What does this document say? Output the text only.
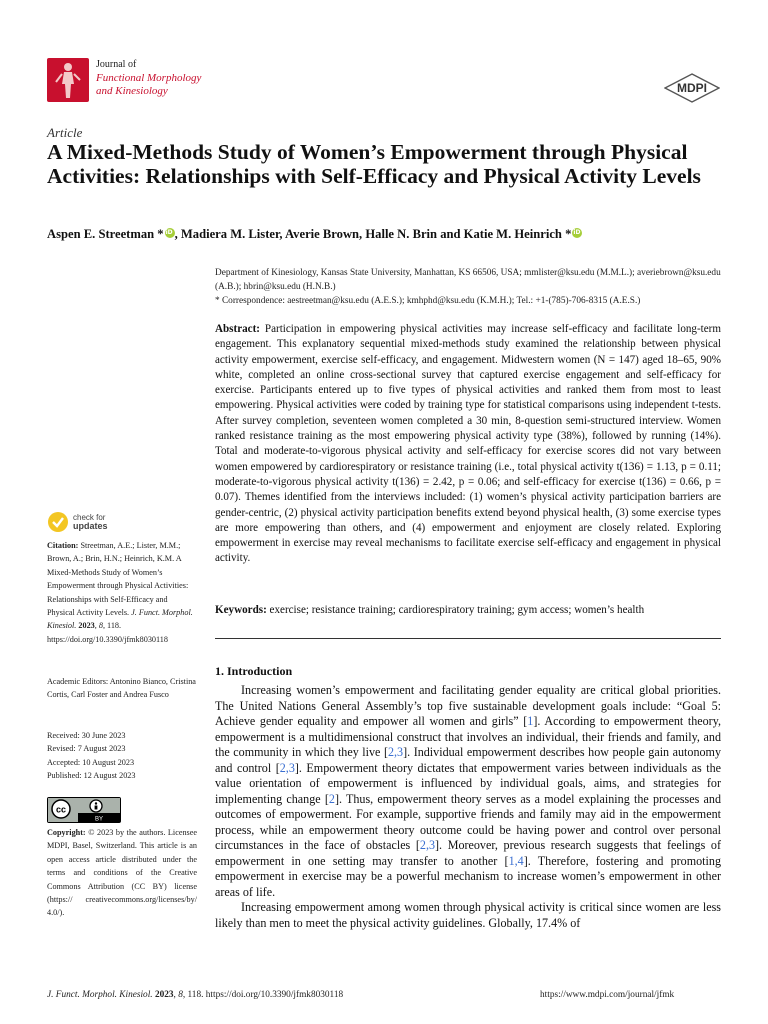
Journal of
Functional Morphology
and Kinesiology	MDPI
Article
A Mixed-Methods Study of Women’s Empowerment through Physical Activities: Relationships with Self-Efficacy and Physical Activity Levels
Aspen E. Streetman *iD , Madiera M. Lister, Averie Brown, Halle N. Brin and Katie M. Heinrich *iD

Department of Kinesiology, Kansas State University, Manhattan, KS 66506, USA; mmlister@ksu.edu (M.M.L.); averiebrown@ksu.edu (A.B.); hbrin@ksu.edu (H.N.B.)

* Correspondence: aestreetman@ksu.edu (A.E.S.); kmhphd@ksu.edu (K.M.H.); Tel.: +1-(785)-706-8315 (A.E.S.)

Abstract: Participation in empowering physical activities may increase self-efficacy and facilitate long-term engagement. This explanatory sequential mixed-methods study examined the relationship between physical activity empowerment, exercise self-efficacy, and engagement. Midwestern women (N = 147) aged 18–65, 90% white, completed an online cross-sectional survey that captured exercise engagement and self-efficacy for exercise. Participants entered up to five types of physical activities and ranked them from most to least empowering. Physical activities were coded by training type for statistical comparisons using independent t-tests. After survey completion, seventeen women completed a 30 min, 8-question semi-structured interview. Women ranked resistance training as the most empowering physical activity type (38%), followed by running (14%). Total and moderate-to-vigorous physical activity and self-efficacy for exercise scores did not vary between women empowered by cardiorespiratory or resistance training (i.e., total physical activity t(136) = 1.13, p = 0.11; moderate-to-vigorous physical activity t(136) = 2.42, p = 0.06; and self-efficacy for exercise t(136) = 0.66, p = 0.07). Themes identified from the interviews included: (1) women’s physical activity participation barriers are gender-centric, (2) physical activity participation benefits extend beyond physical health, (3) some exercise types are more empowering than others, and (4) empowerment and enjoyment are closely related. Exploring empowerment in exercise may reveal mechanisms to facilitate exercise self-efficacy and engagement in physical activity.
Keywords: exercise; resistance training; cardiorespiratory training; gym access; women’s health
1. Introduction

Increasing women’s empowerment and facilitating gender equality are critical global priorities. The United Nations General Assembly’s top five sustainable development goals include: “Goal 5: Achieve gender equality and empower all women and girls” [1]. According to empowerment theory, empowerment is a multidimensional construct that involves an individual, their friends and family, and the community in which they live [2,3]. Individual empowerment describes how people gain autonomy and control [2,3]. Empowerment theory dictates that empowerment varies between individuals as the value orientation of empowerment is influenced by individual goals, aims, and strategies for implementing change [2]. Thus, empowerment theory serves as a model explaining the processes and outcomes of empowerment. For example, supportive friends and family may aid in the empowerment process, while an empowerment theory outcome could be having power and control over personal circumstances in the face of obstacles [2,3]. Moreover, previous research suggests that feelings of empowerment in one setting may transfer to another [1,4]. Therefore, fostering and promoting empowerment in exercise may be a powerful mechanism to increase women’s empowerment in other areas of life.

Increasing empowerment among women through physical activity is critical since women are less likely than men to meet the physical activity guidelines. Globally, 17.4% of

check for
updates
Citation: Streetman, A.E.; Lister, M.M.; Brown, A.; Brin, H.N.; Heinrich, K.M. A Mixed-Methods Study of Women’s Empowerment through Physical Activities: Relationships with Self-Efficacy and Physical Activity Levels. J. Funct. Morphol. Kinesiol. 2023, 8, 118. https://doi.org/10.3390/jfmk8030118
Academic Editors: Antonino Bianco, Cristina Cortis, Carl Foster and Andrea Fusco
Received: 30 June 2023
Revised: 7 August 2023
Accepted: 10 August 2023
Published: 12 August 2023
cc
BY
Copyright: © 2023 by the authors. Licensee MDPI, Basel, Switzerland. This article is an open access article distributed under the terms and conditions of the Creative Commons Attribution (CC BY) license (https:// creativecommons.org/licenses/by/ 4.0/).
J. Funct. Morphol. Kinesiol. 2023, 8, 118. https://doi.org/10.3390/jfmk8030118	https://www.mdpi.com/journal/jfmk
